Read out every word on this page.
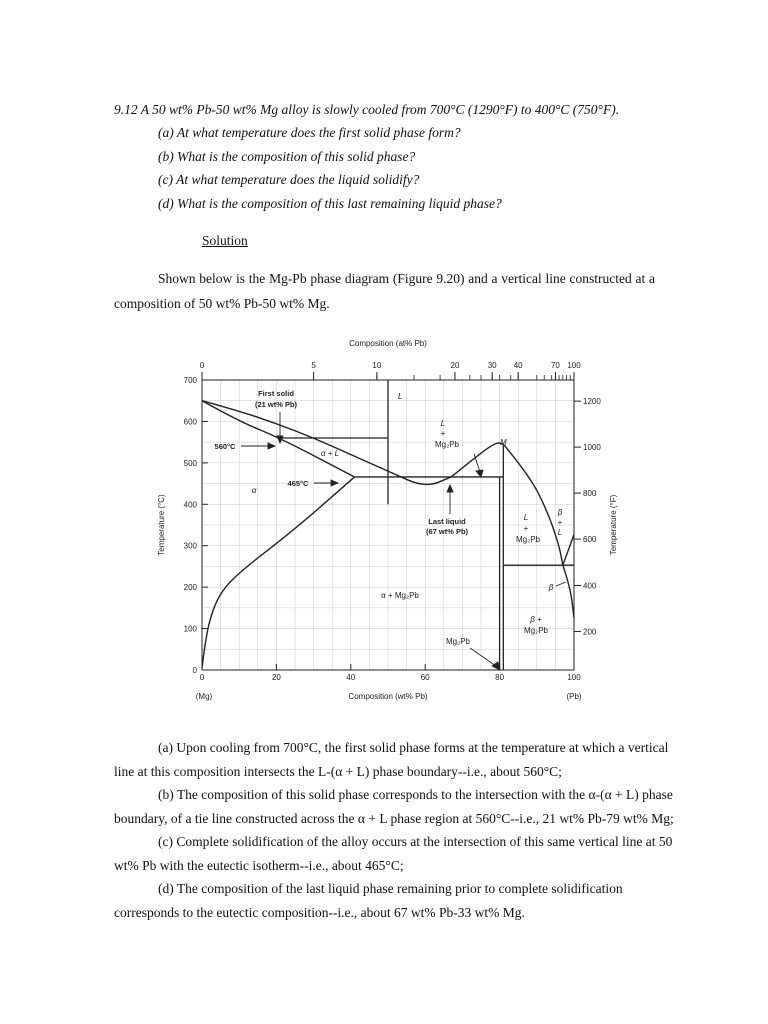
9.12 A 50 wt% Pb-50 wt% Mg alloy is slowly cooled from 700°C (1290°F) to 400°C (750°F).
(a) At what temperature does the first solid phase form?
(b) What is the composition of this solid phase?
(c) At what temperature does the liquid solidify?
(d) What is the composition of this last remaining liquid phase?
Solution
Shown below is the Mg-Pb phase diagram (Figure 9.20) and a vertical line constructed at a
composition of 50 wt% Pb-50 wt% Mg.
0	20	40	60	80	100
0
100
200
300
400
500
600
700
0	5	10	20	30 40	70 100
200
400
600
800
1000
1200
Composition (at% Pb)
Composition (wt% Pb)
(Mg)	(Pb)
Temperature (°C)	Temperature (°F)
L
L
+
Mg₂Pb	M
α + L
α
α + Mg₂Pb
L
+
Mg₂Pb
β
+
L
β
β +
Mg₂Pb
Mg₂Pb
First solid
(21 wt% Pb)
560°C
465°C
Last liquid
(67 wt% Pb)
(a) Upon cooling from 700°C, the first solid phase forms at the temperature at which a vertical
line at this composition intersects the L-(α + L) phase boundary--i.e., about 560°C;
(b) The composition of this solid phase corresponds to the intersection with the α-(α + L) phase
boundary, of a tie line constructed across the α + L phase region at 560°C--i.e., 21 wt% Pb-79 wt% Mg;
(c) Complete solidification of the alloy occurs at the intersection of this same vertical line at 50
wt% Pb with the eutectic isotherm--i.e., about 465°C;
(d) The composition of the last liquid phase remaining prior to complete solidification
corresponds to the eutectic composition--i.e., about 67 wt% Pb-33 wt% Mg.
